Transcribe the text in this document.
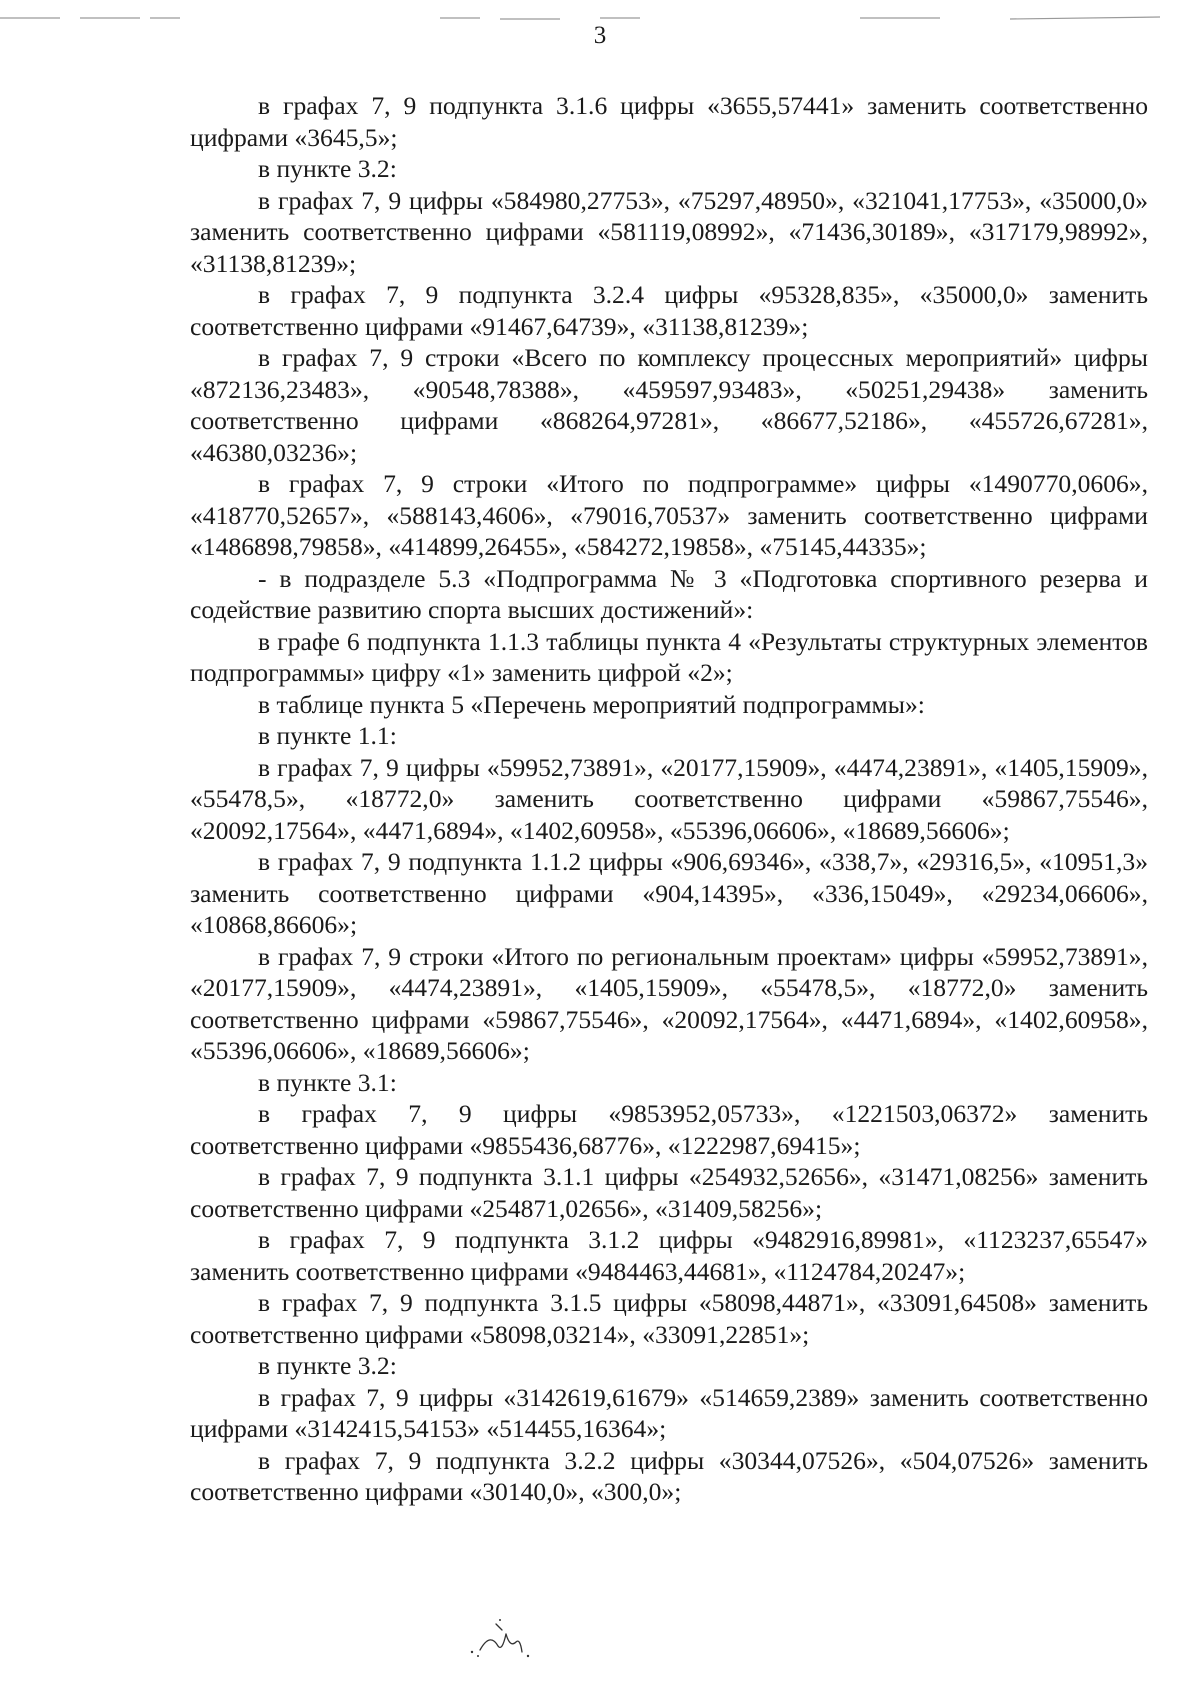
3

в графах 7, 9 подпункта 3.1.6 цифры «3655,57441» заменить соответственно цифрами «3645,5»;

в пункте 3.2:

в графах 7, 9 цифры «584980,27753», «75297,48950», «321041,17753», «35000,0» заменить соответственно цифрами «581119,08992», «71436,30189», «317179,98992», «31138,81239»;

в графах 7, 9 подпункта 3.2.4 цифры «95328,835», «35000,0» заменить соответственно цифрами «91467,64739», «31138,81239»;

в графах 7, 9 строки «Всего по комплексу процессных мероприятий» цифры «872136,23483», «90548,78388», «459597,93483», «50251,29438» заменить соответственно цифрами «868264,97281», «86677,52186», «455726,67281», «46380,03236»;

в графах 7, 9 строки «Итого по подпрограмме» цифры «1490770,0606», «418770,52657», «588143,4606», «79016,70537» заменить соответственно цифрами «1486898,79858», «414899,26455», «584272,19858», «75145,44335»;

- в подразделе 5.3 «Подпрограмма № 3 «Подготовка спортивного резерва и содействие развитию спорта высших достижений»:

в графе 6 подпункта 1.1.3 таблицы пункта 4 «Результаты структурных элементов подпрограммы» цифру «1» заменить цифрой «2»;

в таблице пункта 5 «Перечень мероприятий подпрограммы»:

в пункте 1.1:

в графах 7, 9 цифры «59952,73891», «20177,15909», «4474,23891», «1405,15909», «55478,5», «18772,0» заменить соответственно цифрами «59867,75546», «20092,17564», «4471,6894», «1402,60958», «55396,06606», «18689,56606»;

в графах 7, 9 подпункта 1.1.2 цифры «906,69346», «338,7», «29316,5», «10951,3» заменить соответственно цифрами «904,14395», «336,15049», «29234,06606», «10868,86606»;

в графах 7, 9 строки «Итого по региональным проектам» цифры «59952,73891», «20177,15909», «4474,23891», «1405,15909», «55478,5», «18772,0» заменить соответственно цифрами «59867,75546», «20092,17564», «4471,6894», «1402,60958», «55396,06606», «18689,56606»;

в пункте 3.1:

в графах 7, 9 цифры «9853952,05733», «1221503,06372» заменить соответственно цифрами «9855436,68776», «1222987,69415»;

в графах 7, 9 подпункта 3.1.1 цифры «254932,52656», «31471,08256» заменить соответственно цифрами «254871,02656», «31409,58256»;

в графах 7, 9 подпункта 3.1.2 цифры «9482916,89981», «1123237,65547» заменить соответственно цифрами «9484463,44681», «1124784,20247»;

в графах 7, 9 подпункта 3.1.5 цифры «58098,44871», «33091,64508» заменить соответственно цифрами «58098,03214», «33091,22851»;

в пункте 3.2:

в графах 7, 9 цифры «3142619,61679» «514659,2389» заменить соответственно цифрами «3142415,54153» «514455,16364»;

в графах 7, 9 подпункта 3.2.2 цифры «30344,07526», «504,07526» заменить соответственно цифрами «30140,0», «300,0»;
